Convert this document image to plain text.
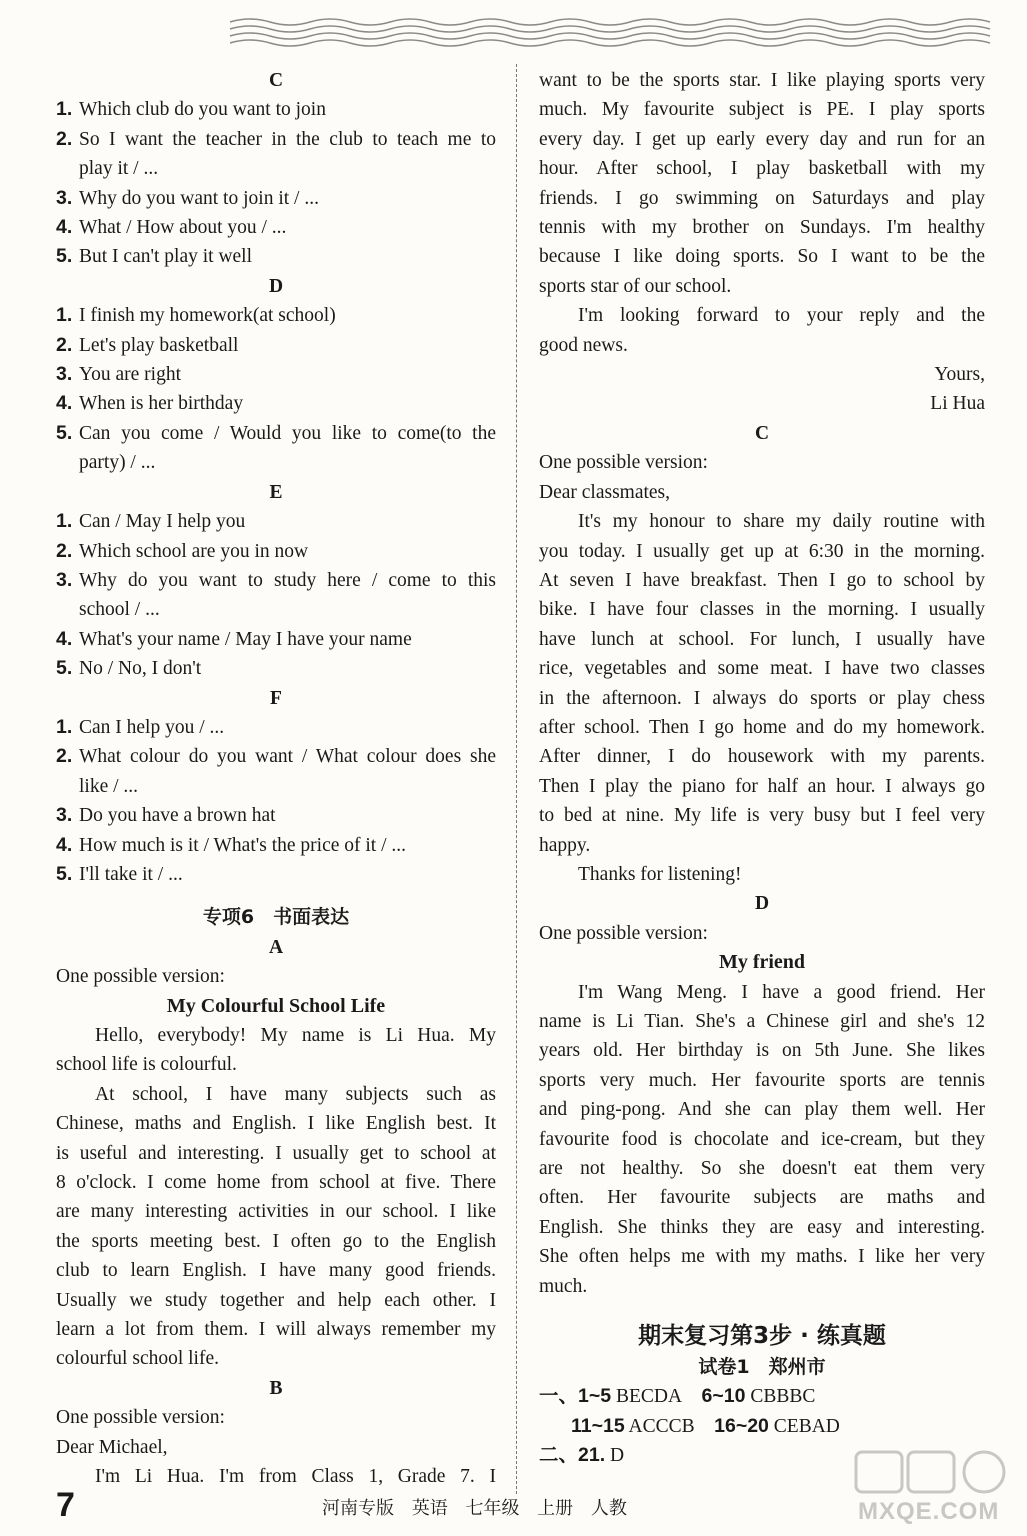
C
1. Which club do you want to join
2. So I want the teacher in the club to teach me to
play it / ...
3. Why do you want to join it / ...
4. What / How about you / ...
5. But I can't play it well
D
1. I finish my homework(at school)
2. Let's play basketball
3. You are right
4. When is her birthday
5. Can you come / Would you like to come(to the
party) / ...
E
1. Can / May I help you
2. Which school are you in now
3. Why do you want to study here / come to this
school / ...
4. What's your name / May I have your name
5. No / No, I don't
F
1. Can I help you / ...
2. What colour do you want / What colour does she
like / ...
3. Do you have a brown hat
4. How much is it / What's the price of it / ...
5. I'll take it / ...
专项6　书面表达
A
One possible version:
My Colourful School Life
Hello, everybody! My name is Li Hua. My
school life is colourful.
At school, I have many subjects such as
Chinese, maths and English. I like English best. It
is useful and interesting. I usually get to school at
8 o'clock. I come home from school at five. There
are many interesting activities in our school. I like
the sports meeting best. I often go to the English
club to learn English. I have many good friends.
Usually we study together and help each other. I
learn a lot from them. I will always remember my
colourful school life.
B
One possible version:
Dear Michael,
I'm Li Hua. I'm from Class 1, Grade 7. I
want to be the sports star. I like playing sports very
much. My favourite subject is PE. I play sports
every day. I get up early every day and run for an
hour. After school, I play basketball with my
friends. I go swimming on Saturdays and play
tennis with my brother on Sundays. I'm healthy
because I like doing sports. So I want to be the
sports star of our school.
I'm looking forward to your reply and the
good news.
Yours,
Li Hua
C
One possible version:
Dear classmates,
It's my honour to share my daily routine with
you today. I usually get up at 6:30 in the morning.
At seven I have breakfast. Then I go to school by
bike. I have four classes in the morning. I usually
have lunch at school. For lunch, I usually have
rice, vegetables and some meat. I have two classes
in the afternoon. I always do sports or play chess
after school. Then I go home and do my homework.
After dinner, I do housework with my parents.
Then I play the piano for half an hour. I always go
to bed at nine. My life is very busy but I feel very
happy.
Thanks for listening!
D
One possible version:
My friend
I'm Wang Meng. I have a good friend. Her
name is Li Tian. She's a Chinese girl and she's 12
years old. Her birthday is on 5th June. She likes
sports very much. Her favourite sports are tennis
and ping-pong. And she can play them well. Her
favourite food is chocolate and ice-cream, but they
are not healthy. So she doesn't eat them very
often. Her favourite subjects are maths and
English. She thinks they are easy and interesting.
She often helps me with my maths. I like her very
much.
期末复习第3步 · 练真题
试卷1　郑州市
一、1~5 BECDA 6~10 CBBBC
11~15 ACCCB 16~20 CEBAD
二、21. D
MXQE.COM
7	河南专版 英语 七年级 上册 人教
